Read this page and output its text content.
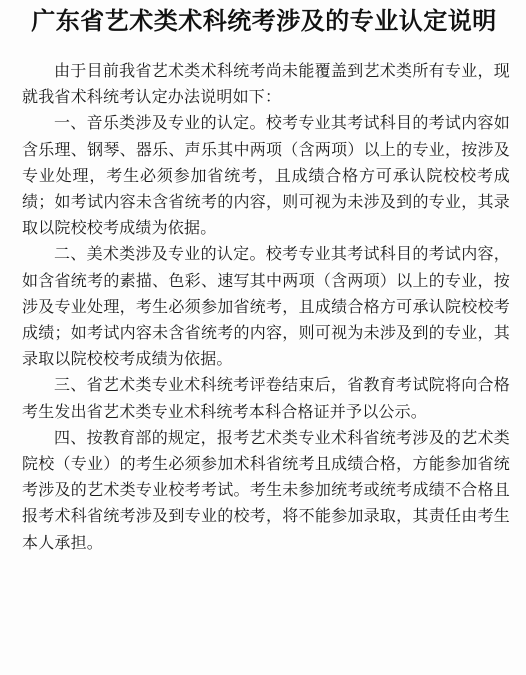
广东省艺术类术科统考涉及的专业认定说明

由于目前我省艺术类术科统考尚未能覆盖到艺术类所有专业，现就我省术科统考认定办法说明如下：

一、音乐类涉及专业的认定。校考专业其考试科目的考试内容如含乐理、钢琴、器乐、声乐其中两项（含两项）以上的专业，按涉及专业处理，考生必须参加省统考，且成绩合格方可承认院校校考成绩；如考试内容未含省统考的内容，则可视为未涉及到的专业，其录取以院校校考成绩为依据。

二、美术类涉及专业的认定。校考专业其考试科目的考试内容，如含省统考的素描、色彩、速写其中两项（含两项）以上的专业，按涉及专业处理，考生必须参加省统考，且成绩合格方可承认院校校考成绩；如考试内容未含省统考的内容，则可视为未涉及到的专业，其录取以院校校考成绩为依据。

三、省艺术类专业术科统考评卷结束后，省教育考试院将向合格考生发出省艺术类专业术科统考本科合格证并予以公示。

四、按教育部的规定，报考艺术类专业术科省统考涉及的艺术类院校（专业）的考生必须参加术科省统考且成绩合格，方能参加省统考涉及的艺术类专业校考考试。考生未参加统考或统考成绩不合格且报考术科省统考涉及到专业的校考，将不能参加录取，其责任由考生本人承担。
